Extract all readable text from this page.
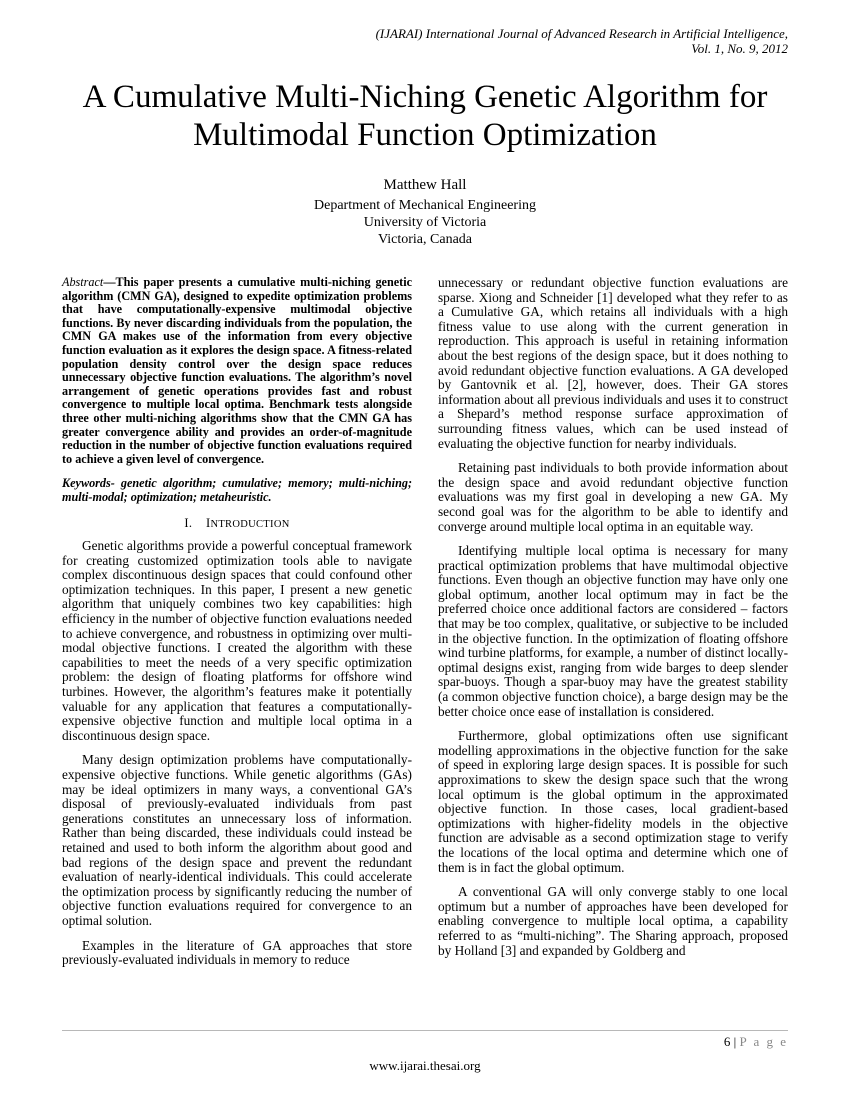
(IJARAI) International Journal of Advanced Research in Artificial Intelligence,
Vol. 1, No. 9, 2012
A Cumulative Multi-Niching Genetic Algorithm for
Multimodal Function Optimization
Matthew Hall
Department of Mechanical Engineering
University of Victoria
Victoria, Canada

Abstract—This paper presents a cumulative multi-niching genetic algorithm (CMN GA), designed to expedite optimization problems that have computationally-expensive multimodal objective functions. By never discarding individuals from the population, the CMN GA makes use of the information from every objective function evaluation as it explores the design space. A fitness-related population density control over the design space reduces unnecessary objective function evaluations. The algorithm’s novel arrangement of genetic operations provides fast and robust convergence to multiple local optima. Benchmark tests alongside three other multi-niching algorithms show that the CMN GA has greater convergence ability and provides an order-of-magnitude reduction in the number of objective function evaluations required to achieve a given level of convergence.

Keywords- genetic algorithm; cumulative; memory; multi-niching; multi-modal; optimization; metaheuristic.

I. INTRODUCTION

Genetic algorithms provide a powerful conceptual framework for creating customized optimization tools able to navigate complex discontinuous design spaces that could confound other optimization techniques. In this paper, I present a new genetic algorithm that uniquely combines two key capabilities: high efficiency in the number of objective function evaluations needed to achieve convergence, and robustness in optimizing over multi-modal objective functions. I created the algorithm with these capabilities to meet the needs of a very specific optimization problem: the design of floating platforms for offshore wind turbines. However, the algorithm’s features make it potentially valuable for any application that features a computationally-expensive objective function and multiple local optima in a discontinuous design space.

Many design optimization problems have computationally-expensive objective functions. While genetic algorithms (GAs) may be ideal optimizers in many ways, a conventional GA’s disposal of previously-evaluated individuals from past generations constitutes an unnecessary loss of information. Rather than being discarded, these individuals could instead be retained and used to both inform the algorithm about good and bad regions of the design space and prevent the redundant evaluation of nearly-identical individuals. This could accelerate the optimization process by significantly reducing the number of objective function evaluations required for convergence to an optimal solution.

Examples in the literature of GA approaches that store previously-evaluated individuals in memory to reduce

unnecessary or redundant objective function evaluations are sparse. Xiong and Schneider [1] developed what they refer to as a Cumulative GA, which retains all individuals with a high fitness value to use along with the current generation in reproduction. This approach is useful in retaining information about the best regions of the design space, but it does nothing to avoid redundant objective function evaluations. A GA developed by Gantovnik et al. [2], however, does. Their GA stores information about all previous individuals and uses it to construct a Shepard’s method response surface approximation of surrounding fitness values, which can be used instead of evaluating the objective function for nearby individuals.

Retaining past individuals to both provide information about the design space and avoid redundant objective function evaluations was my first goal in developing a new GA. My second goal was for the algorithm to be able to identify and converge around multiple local optima in an equitable way.

Identifying multiple local optima is necessary for many practical optimization problems that have multimodal objective functions. Even though an objective function may have only one global optimum, another local optimum may in fact be the preferred choice once additional factors are considered – factors that may be too complex, qualitative, or subjective to be included in the objective function. In the optimization of floating offshore wind turbine platforms, for example, a number of distinct locally-optimal designs exist, ranging from wide barges to deep slender spar-buoys. Though a spar-buoy may have the greatest stability (a common objective function choice), a barge design may be the better choice once ease of installation is considered.

Furthermore, global optimizations often use significant modelling approximations in the objective function for the sake of speed in exploring large design spaces. It is possible for such approximations to skew the design space such that the wrong local optimum is the global optimum in the approximated objective function. In those cases, local gradient-based optimizations with higher-fidelity models in the objective function are advisable as a second optimization stage to verify the locations of the local optima and determine which one of them is in fact the global optimum.

A conventional GA will only converge stably to one local optimum but a number of approaches have been developed for enabling convergence to multiple local optima, a capability referred to as “multi-niching”. The Sharing approach, proposed by Holland [3] and expanded by Goldberg and

6 | P a g e
www.ijarai.thesai.org
